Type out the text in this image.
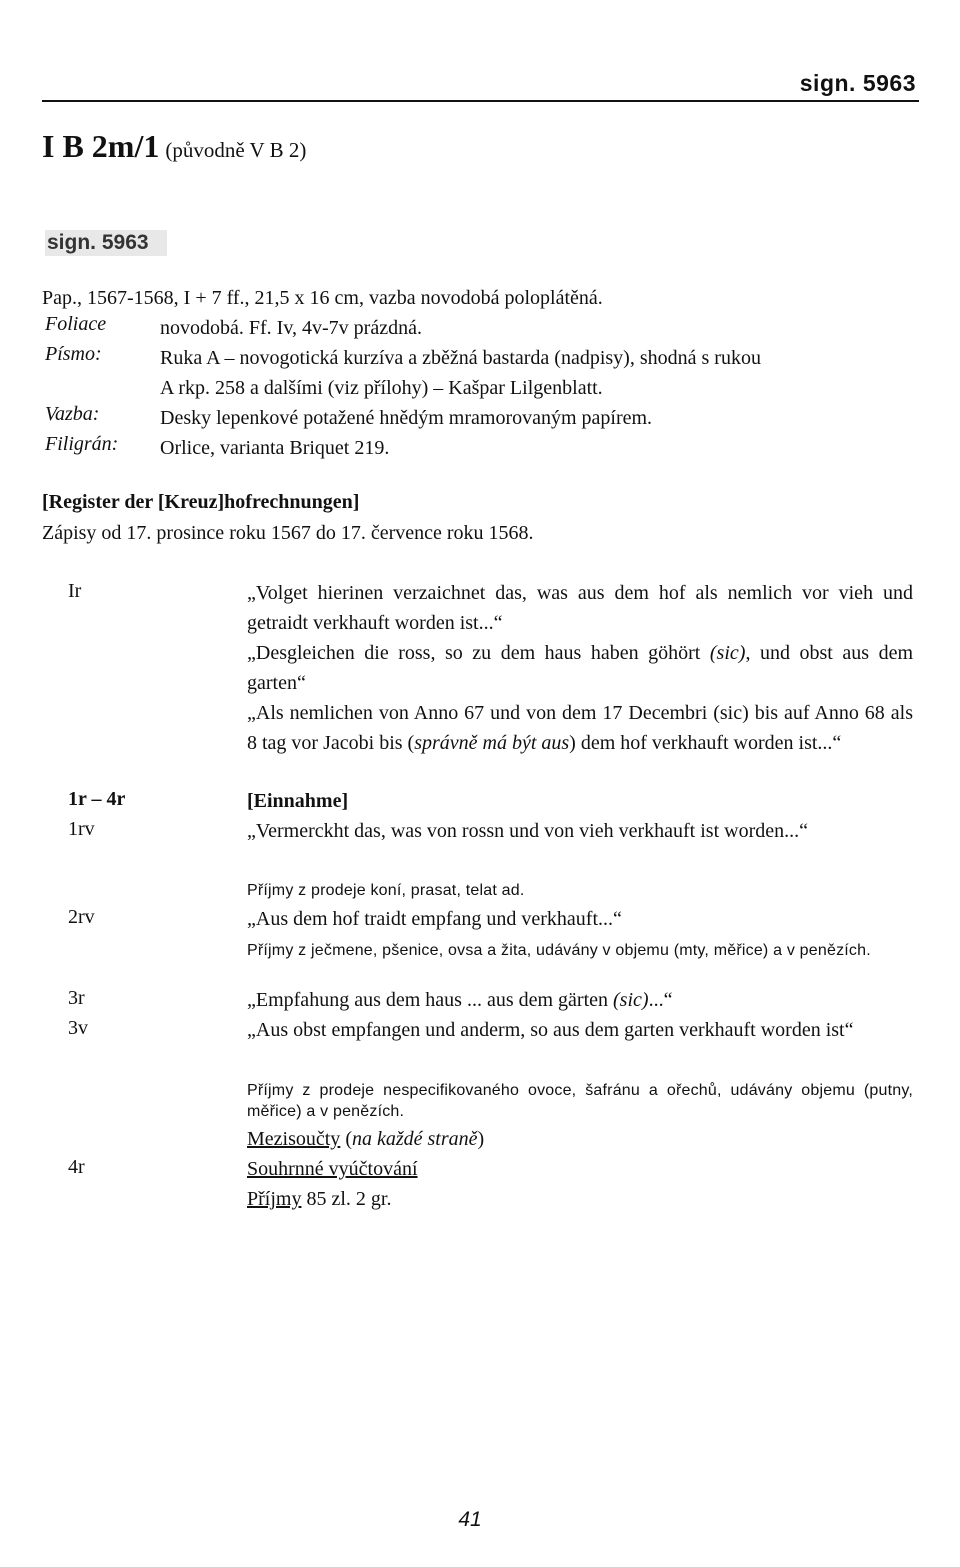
sign. 5963
I B 2m/1 (původně V B 2)
sign. 5963
Pap., 1567-1568, I + 7 ff., 21,5 x 16 cm, vazba novodobá poloplátěná.
Foliace	novodobá. Ff. Iv, 4v-7v prázdná.
Písmo:	Ruka A – novogotická kurzíva a zběžná bastarda (nadpisy), shodná s rukou
A rkp. 258 a dalšími (viz přílohy) – Kašpar Lilgenblatt.
Vazba:	Desky lepenkové potažené hnědým mramorovaným papírem.
Filigrán: Orlice, varianta Briquet 219.
[Register der [Kreuz]hofrechnungen]
Zápisy od 17. prosince roku 1567 do 17. července roku 1568.
Ir	„Volget hierinen verzaichnet das, was aus dem hof als nemlich vor vieh und getraidt verkhauft worden ist...“
„Desgleichen die ross, so zu dem haus haben göhört (sic), und obst aus dem garten“
„Als nemlichen von Anno 67 und von dem 17 Decembri (sic) bis auf Anno 68 als 8 tag vor Jacobi bis (správně má být aus) dem hof verkhauft worden ist...“
1r – 4r	[Einnahme]
1rv	„Vermerckht das, was von rossn und von vieh verkhauft ist worden...“
Příjmy z prodeje koní, prasat, telat ad.
2rv	„Aus dem hof traidt empfang und verkhauft...“
Příjmy z ječmene, pšenice, ovsa a žita, udávány v objemu (mty, měřice) a v penězích.
3r	„Empfahung aus dem haus ... aus dem gärten (sic)...“
3v	„Aus obst empfangen und anderm, so aus dem garten verkhauft worden ist“
Příjmy z prodeje nespecifikovaného ovoce, šafránu a ořechů, udávány objemu (putny, měřice) a v penězích.
Mezisoučty (na každé straně)
4r	Souhrnné vyúčtování
Příjmy 85 zl. 2 gr.
41
